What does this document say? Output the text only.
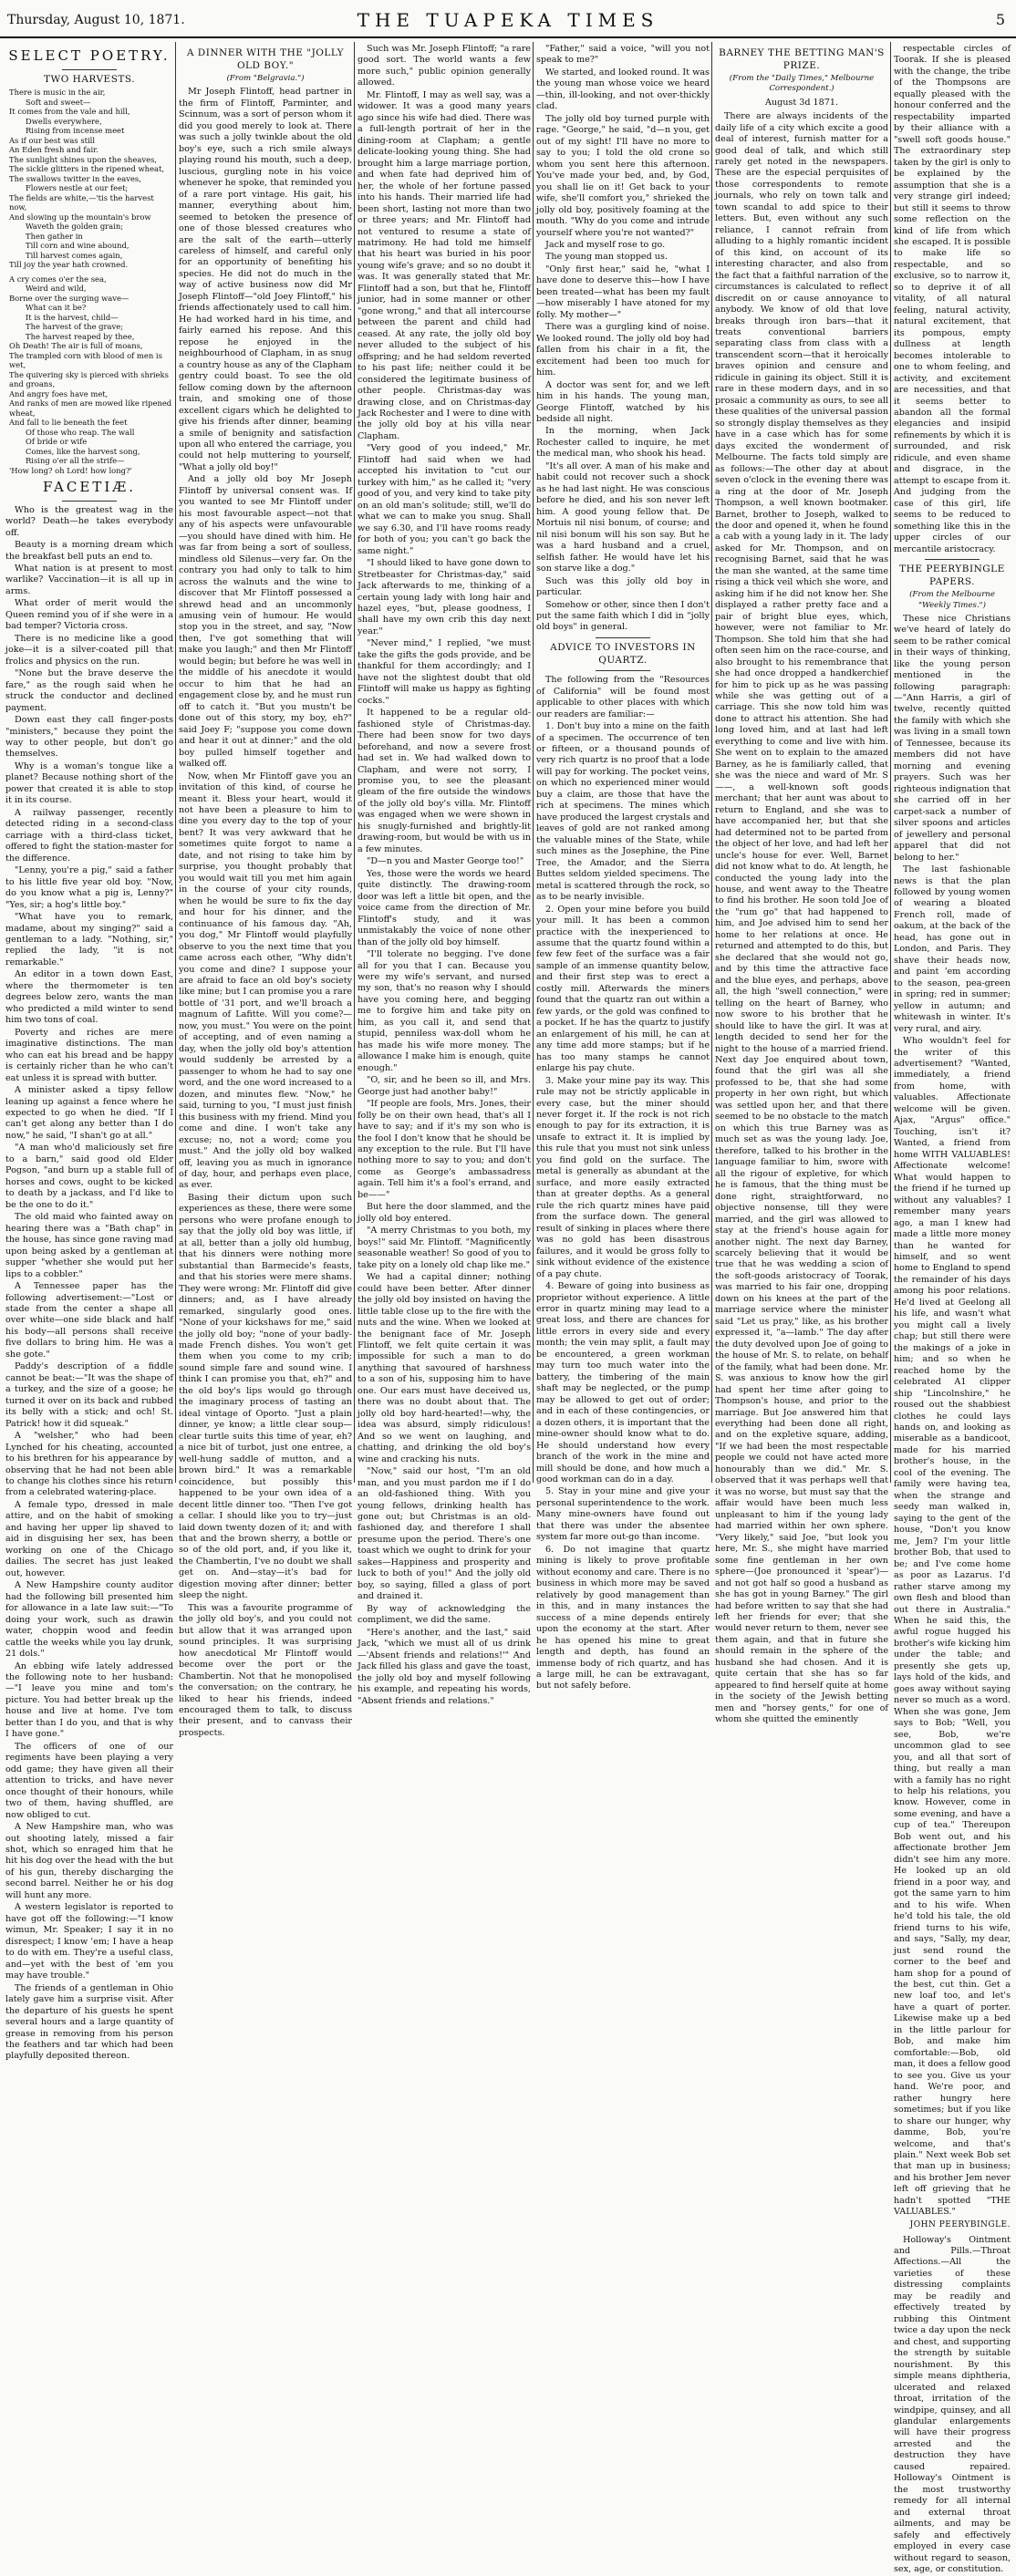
Thursday, August 10, 1871.	THE TUAPEKA TIMES	5
SELECT POETRY.
TWO HARVESTS.

There is music in the air,

Soft and sweet—

It comes from the vale and hill,

Dwells everywhere,

Rising from incense meet

As if our best was still

An Eden fresh and fair.

The sunlight shines upon the sheaves,

The sickle glitters in the ripened wheat,

The swallows twitter in the eaves,

Flowers nestle at our feet;

The fields are white,—'tis the harvest now,

And slowing up the mountain's brow

Waveth the golden grain;

Then gather in

Till corn and wine abound,

Till harvest comes again,

Till joy the year hath crowned.

A cry comes o'er the sea,

Weird and wild,

Borne over the surging wave—

What can it be?

It is the harvest, child—

The harvest of the grave;

The harvest reaped by thee,

Oh Death! The air is full of moans,

The trampled corn with blood of men is wet,

The quivering sky is pierced with shrieks and groans,

And angry foes have met,

And ranks of men are mowed like ripened wheat,

And fall to lie beneath the feet

Of those who reap. The wall

Of bride or wife

Comes, like the harvest song,

Rising o'er all the strife—

'How long? oh Lord! how long?'

FACETIÆ.

Who is the greatest wag in the world? Death—he takes everybody off.

Beauty is a morning dream which the breakfast bell puts an end to.

What nation is at present to most warlike? Vaccination—it is all up in arms.

What order of merit would the Queen remind you of if she were in a bad temper? Victoria cross.

There is no medicine like a good joke—it is a silver-coated pill that frolics and physics on the run.

"None but the brave deserve the fare," as the rough said when he struck the conductor and declined payment.

Down east they call finger-posts "ministers," because they point the way to other people, but don't go themselves.

Why is a woman's tongue like a planet? Because nothing short of the power that created it is able to stop it in its course.

A railway passenger, recently detected riding in a second-class carriage with a third-class ticket, offered to fight the station-master for the difference.

"Lenny, you're a pig," said a father to his little five year old boy. "Now, do you know what a pig is, Lenny?" "Yes, sir; a hog's little boy."

"What have you to remark, madame, about my singing?" said a gentleman to a lady. "Nothing, sir," replied the lady, "it is not remarkable."

An editor in a town down East, where the thermometer is ten degrees below zero, wants the man who predicted a mild winter to send him two tons of coal.

Poverty and riches are mere imaginative distinctions. The man who can eat his bread and be happy is certainly richer than he who can't eat unless it is spread with butter.

A minister asked a tipsy fellow leaning up against a fence where he expected to go when he died. "If I can't get along any better than I do now," he said, "I shan't go at all."

"A man who'd maliciously set fire to a barn," said good old Elder Pogson, "and burn up a stable full of horses and cows, ought to be kicked to death by a jackass, and I'd like to be the one to do it."

The old maid who fainted away on hearing there was a "Bath chap" in the house, has since gone raving mad upon being asked by a gentleman at supper "whether she would put her lips to a cobbler."

A Tennessee paper has the following advertisement:—"Lost or stade from the center a shape all over white—one side black and half his body—all persons shall receive five dollars to bring him. He was a she gote."

Paddy's description of a fiddle cannot be beat:—"It was the shape of a turkey, and the size of a goose; he turned it over on its back and rubbed its belly with a stick; and och! St. Patrick! how it did squeak."

A "welsher," who had been Lynched for his cheating, accounted to his brethren for his appearance by observing that he had not been able to change his clothes since his return from a celebrated watering-place.

A female typo, dressed in male attire, and on the habit of smoking and having her upper lip shaved to aid in disguising her sex, has been working on one of the Chicago dailies. The secret has just leaked out, however.

A New Hampshire county auditor had the following bill presented him for allowance in a late law suit:—"To doing your work, such as drawin water, choppin wood and feedin cattle the weeks while you lay drunk, 21 dols."

An ebbing wife lately addressed the following note to her husband:—"I leave you mine and tom's picture. You had better break up the house and live at home. I've tom better than I do you, and that is why I have gone."

The officers of one of our regiments have been playing a very odd game; they have given all their attention to tricks, and have never once thought of their honours, while two of them, having shuffled, are now obliged to cut.

A New Hampshire man, who was out shooting lately, missed a fair shot, which so enraged him that he hit his dog over the head with the but of his gun, thereby discharging the second barrel. Neither he or his dog will hunt any more.

A western legislator is reported to have got off the following:—"I know wimun, Mr. Speaker; I say it in no disrespect; I know 'em; I have a heap to do with em. They're a useful class, and—yet with the best of 'em you may have trouble."

The friends of a gentleman in Ohio lately gave him a surprise visit. After the departure of his guests he spent several hours and a large quantity of grease in removing from his person the feathers and tar which had been playfully deposited thereon.

A DINNER WITH THE "JOLLY OLD BOY."
(From "Belgravia.")

Mr Joseph Flintoff, head partner in the firm of Flintoff, Parminter, and Scinnum, was a sort of person whom it did you good merely to look at. There was such a jolly twinkle about the old boy's eye, such a rich smile always playing round his mouth, such a deep, luscious, gurgling note in his voice whenever he spoke, that reminded you of a rare port vintage. His gait, his manner, everything about him, seemed to betoken the presence of one of those blessed creatures who are the salt of the earth—utterly careless of himself, and careful only for an opportunity of benefiting his species. He did not do much in the way of active business now did Mr Joseph Flintoff—"old Joey Flintoff," his friends affectionately used to call him. He had worked hard in his time, and fairly earned his repose. And this repose he enjoyed in the neighbourhood of Clapham, in as snug a country house as any of the Clapham gentry could boast. To see the old fellow coming down by the afternoon train, and smoking one of those excellent cigars which he delighted to give his friends after dinner, beaming a smile of benignity and satisfaction upon all who entered the carriage, you could not help muttering to yourself, "What a jolly old boy!"

And a jolly old boy Mr Joseph Flintoff by universal consent was. If you wanted to see Mr Flintoff under his most favourable aspect—not that any of his aspects were unfavourable—you should have dined with him. He was far from being a sort of soulless, mindless old Silenus—very far. On the contrary you had only to talk to him across the walnuts and the wine to discover that Mr Flintoff possessed a shrewd head and an uncommonly amusing vein of humour. He would stop you in the street, and say, "Now then, I've got something that will make you laugh;" and then Mr Flintoff would begin; but before he was well in the middle of his anecdote it would occur to him that he had an engagement close by, and he must run off to catch it. "But you mustn't be done out of this story, my boy, eh?" said Joey F; "suppose you come down and hear it out at dinner;" and the old boy pulled himself together and walked off.

Now, when Mr Flintoff gave you an invitation of this kind, of course he meant it. Bless your heart, would it not have been a pleasure to him to dine you every day to the top of your bent? It was very awkward that he sometimes quite forgot to name a date, and not rising to take him by surprise, you thought probably that you would wait till you met him again in the course of your city rounds, when he would be sure to fix the day and hour for his dinner, and the continuance of his famous day. "Ah, you dog," Mr Flintoff would playfully observe to you the next time that you came across each other, "Why didn't you come and dine? I suppose your are afraid to face an old boy's society like mine; but I can promise you a rare bottle of '31 port, and we'll broach a magnum of Lafitte. Will you come?—now, you must." You were on the point of accepting, and of even naming a day, when the jolly old boy's attention would suddenly be arrested by a passenger to whom he had to say one word, and the one word increased to a dozen, and minutes flew. "Now," he said, turning to you, "I must just finish this business with my friend. Mind you come and dine. I won't take any excuse; no, not a word; come you must." And the jolly old boy walked off, leaving you as much in ignorance of day, hour, and perhaps even place, as ever.

Basing their dictum upon such experiences as these, there were some persons who were profane enough to say that the jolly old boy was little, if at all, better than a jolly old humbug, that his dinners were nothing more substantial than Barmecide's feasts, and that his stories were mere shams. They were wrong: Mr. Flintoff did give dinners; and, as I have already remarked, singularly good ones. "None of your kickshaws for me," said the jolly old boy; "none of your badly-made French dishes. You won't get them when you come to my crib; sound simple fare and sound wine. I think I can promise you that, eh?" and the old boy's lips would go through the imaginary process of tasting an ideal vintage of Oporto. "Just a plain dinner, ye know; a little clear soup—clear turtle suits this time of year, eh? a nice bit of turbot, just one entree, a well-hung saddle of mutton, and a brown bird." It was a remarkable coincidence, but possibly this happened to be your own idea of a decent little dinner too. "Then I've got a cellar. I should like you to try—just laid down twenty dozen of it; and with that and the brown sherry, a bottle or so of the old port, and, if you like it, the Chambertin, I've no doubt we shall get on. And—stay—it's bad for digestion moving after dinner; better sleep the night.

This was a favourite programme of the jolly old boy's, and you could not but allow that it was arranged upon sound principles. It was surprising how anecdotical Mr Flintoff would become over the port or the Chambertin. Not that he monopolised the conversation; on the contrary, he liked to hear his friends, indeed encouraged them to talk, to discuss their present, and to canvass their prospects.

Such was Mr. Joseph Flintoff; "a rare good sort. The world wants a few more such," public opinion generally allowed.

Mr. Flintoff, I may as well say, was a widower. It was a good many years ago since his wife had died. There was a full-length portrait of her in the dining-room at Clapham; a gentle delicate-looking young thing. She had brought him a large marriage portion, and when fate had deprived him of her, the whole of her fortune passed into his hands. Their married life had been short, lasting not more than two or three years; and Mr. Flintoff had not ventured to resume a state of matrimony. He had told me himself that his heart was buried in his poor young wife's grave; and so no doubt it was. It was generally stated that Mr. Flintoff had a son, but that he, Flintoff junior, had in some manner or other "gone wrong," and that all intercourse between the parent and child had ceased. At any rate, the jolly old boy never alluded to the subject of his offspring; and he had seldom reverted to his past life; neither could it be considered the legitimate business of other people. Christmas-day was drawing close, and on Christmas-day Jack Rochester and I were to dine with the jolly old boy at his villa near Clapham.

"Very good of you indeed," Mr. Flintoff had said when we had accepted his invitation to "cut our turkey with him," as he called it; "very good of you, and very kind to take pity on an old man's solitude; still, we'll do what we can to make you snug. Shall we say 6.30, and I'll have rooms ready for both of you; you can't go back the same night."

"I should liked to have gone down to Stretbeaster for Christmas-day," said Jack afterwards to me, thinking of a certain young lady with long hair and hazel eyes, "but, please goodness, I shall have my own crib this day next year."

"Never mind," I replied, "we must take the gifts the gods provide, and be thankful for them accordingly; and I have not the slightest doubt that old Flintoff will make us happy as fighting cocks."

It happened to be a regular old-fashioned style of Christmas-day. There had been snow for two days beforehand, and now a severe frost had set in. We had walked down to Clapham, and were not sorry, I promise you, to see the pleasant gleam of the fire outside the windows of the jolly old boy's villa. Mr. Flintoff was engaged when we were shown in his snugly-furnished and brightly-lit drawing-room, but would be with us in a few minutes.

"D—n you and Master George too!"

Yes, those were the words we heard quite distinctly. The drawing-room door was left a little bit open, and the voice came from the direction of Mr. Flintoff's study, and it was unmistakably the voice of none other than of the jolly old boy himself.

"I'll tolerate no begging. I've done all for you that I can. Because you were my wife's servant, and nursed my son, that's no reason why I should have you coming here, and begging me to forgive him and take pity on him, as you call it, and send that stupid, penniless wax-doll whom he has made his wife more money. The allowance I make him is enough, quite enough."

"O, sir, and he been so ill, and Mrs. George just had another baby!"

"If people are fools, Mrs. Jones, their folly be on their own head, that's all I have to say; and if it's my son who is the fool I don't know that he should be any exception to the rule. But I'll have nothing more to say to you; and don't come as George's ambassadress again. Tell him it's a fool's errand, and be——"

But here the door slammed, and the jolly old boy entered.

"A merry Christmas to you both, my boys!" said Mr. Flintoff. "Magnificently seasonable weather! So good of you to take pity on a lonely old chap like me."

We had a capital dinner; nothing could have been better. After dinner the jolly old boy insisted on having the little table close up to the fire with the nuts and the wine. When we looked at the benignant face of Mr. Joseph Flintoff, we felt quite certain it was impossible for such a man to do anything that savoured of harshness to a son of his, supposing him to have one. Our ears must have deceived us, there was no doubt about that. The jolly old boy hard-hearted!—why, the idea was absurd, simply ridiculous! And so we went on laughing, and chatting, and drinking the old boy's wine and cracking his nuts.

"Now," said our host, "I'm an old man, and you must pardon me if I do an old-fashioned thing. With you young fellows, drinking health has gone out; but Christmas is an old-fashioned day, and therefore I shall presume upon the period. There's one toast which we ought to drink for your sakes—Happiness and prosperity and luck to both of you!" And the jolly old boy, so saying, filled a glass of port and drained it.

By way of acknowledging the compliment, we did the same.

"Here's another, and the last," said Jack, "which we must all of us drink—'Absent friends and relations!'" And Jack filled his glass and gave the toast, the jolly old boy and myself following his example, and repeating his words, "Absent friends and relations."

"Father," said a voice, "will you not speak to me?"

We started, and looked round. It was the young man whose voice we heard—thin, ill-looking, and not over-thickly clad.

The jolly old boy turned purple with rage. "George," he said, "d—n you, get out of my sight! I'll have no more to say to you; I told the old crone so whom you sent here this afternoon. You've made your bed, and, by God, you shall lie on it! Get back to your wife, she'll comfort you," shrieked the jolly old boy, positively foaming at the mouth. "Why do you come and intrude yourself where you're not wanted?"

Jack and myself rose to go.

The young man stopped us.

"Only first hear," said he, "what I have done to deserve this—how I have been treated—what has been my fault—how miserably I have atoned for my folly. My mother—"

There was a gurgling kind of noise. We looked round. The jolly old boy had fallen from his chair in a fit, the excitement had been too much for him.

A doctor was sent for, and we left him in his hands. The young man, George Flintoff, watched by his bedside all night.

In the morning, when Jack Rochester called to inquire, he met the medical man, who shook his head.

"It's all over. A man of his make and habit could not recover such a shock as he had last night. He was conscious before he died, and his son never left him. A good young fellow that. De Mortuis nil nisi bonum, of course; and nil nisi bonum will his son say. But he was a hard husband and a cruel, selfish father. He would have let his son starve like a dog."

Such was this jolly old boy in particular.

Somehow or other, since then I don't put the same faith which I did in "jolly old boys" in general.

ADVICE TO INVESTORS IN QUARTZ.

The following from the "Resources of California" will be found most applicable to other places with which our readers are familiar:—

1. Don't buy into a mine on the faith of a specimen. The occurrence of ten or fifteen, or a thousand pounds of very rich quartz is no proof that a lode will pay for working. The pocket veins, on which no experienced miner would buy a claim, are those that have the rich at specimens. The mines which have produced the largest crystals and leaves of gold are not ranked among the valuable mines of the State, while such mines as the Josephine, the Pine Tree, the Amador, and the Sierra Buttes seldom yielded specimens. The metal is scattered through the rock, so as to be nearly invisible.

2. Open your mine before you build your mill. It has been a common practice with the inexperienced to assume that the quartz found within a few few feet of the surface was a fair sample of an immense quantity below, and their first step was to erect a costly mill. Afterwards the miners found that the quartz ran out within a few yards, or the gold was confined to a pocket. If he has the quartz to justify an enlargement of his mill, he can at any time add more stamps; but if he has too many stamps he cannot enlarge his pay chute.

3. Make your mine pay its way. This rule may not be strictly applicable in every case, but the miner should never forget it. If the rock is not rich enough to pay for its extraction, it is unsafe to extract it. It is implied by this rule that you must not sink unless you find gold on the surface. The metal is generally as abundant at the surface, and more easily extracted than at greater depths. As a general rule the rich quartz mines have paid from the surface down. The general result of sinking in places where there was no gold has been disastrous failures, and it would be gross folly to sink without evidence of the existence of a pay chute.

4. Beware of going into business as proprietor without experience. A little error in quartz mining may lead to a great loss, and there are chances for little errors in every side and every month; the vein may split, a fault may be encountered, a green workman may turn too much water into the battery, the timbering of the main shaft may be neglected, or the pump may be allowed to get out of order; and in each of these contingencies, or a dozen others, it is important that the mine-owner should know what to do. He should understand how every branch of the work in the mine and mill should be done, and how much a good workman can do in a day.

5. Stay in your mine and give your personal superintendence to the work. Many mine-owners have found out that there was under the absentee system far more out-go than income.

6. Do not imagine that quartz mining is likely to prove profitable without economy and care. There is no business in which more may be saved relatively by good management than in this, and in many instances the success of a mine depends entirely upon the economy at the start. After he has opened his mine to great length and depth, has found an immense body of rich quartz, and has a large mill, he can be extravagant, but not safely before.

BARNEY THE BETTING MAN'S PRIZE.
(From the "Daily Times," Melbourne Correspondent.)
August 3d 1871.

There are always incidents of the daily life of a city which excite a good deal of interest, furnish matter for a good deal of talk, and which still rarely get noted in the newspapers. These are the especial perquisites of those correspondents to remote journals, who rely on town talk and town scandal to add spice to their letters. But, even without any such reliance, I cannot refrain from alluding to a highly romantic incident of this kind, on account of its interesting character, and also from the fact that a faithful narration of the circumstances is calculated to reflect discredit on or cause annoyance to anybody. We know of old that love breaks through iron bars—that it treats conventional barriers separating class from class with a transcendent scorn—that it heroically braves opinion and censure and ridicule in gaining its object. Still it is rare in these modern days, and in so prosaic a community as ours, to see all these qualities of the universal passion so strongly display themselves as they have in a case which has for some days excited the wonderment of Melbourne. The facts told simply are as follows:—The other day at about seven o'clock in the evening there was a ring at the door of Mr. Joseph Thompson, a well known bootmaker. Barnet, brother to Joseph, walked to the door and opened it, when he found a cab with a young lady in it. The lady asked for Mr. Thompson, and on recognising Barnet, said that he was the man she wanted, at the same time rising a thick veil which she wore, and asking him if he did not know her. She displayed a rather pretty face and a pair of bright blue eyes, which, however, were not familiar to Mr. Thompson. She told him that she had often seen him on the race-course, and also brought to his remembrance that she had once dropped a handkerchief for him to pick up as he was passing while she was getting out of a carriage. This she now told him was done to attract his attention. She had long loved him, and at last had left everything to come and live with him. She went on to explain to the amazed Barney, as he is familiarly called, that she was the niece and ward of Mr. S——, a well-known soft goods merchant; that her aunt was about to return to England, and she was to have accompanied her, but that she had determined not to be parted from the object of her love, and had left her uncle's house for ever. Well, Barnet did not know what to do. At length, he conducted the young lady into the house, and went away to the Theatre to find his brother. He soon told Joe of the "rum go" that had happened to him, and Joe advised him to send her home to her relations at once. He returned and attempted to do this, but she declared that she would not go, and by this time the attractive face and the blue eyes, and perhaps, above all, the high "swell connection," were telling on the heart of Barney, who now swore to his brother that he should like to have the girl. It was at length decided to send her for the night to the house of a married friend. Next day Joe enquired about town, found that the girl was all she professed to be, that she had some property in her own right, but which was settled upon her, and that there seemed to be no obstacle to the match on which this true Barney was as much set as was the young lady. Joe, therefore, talked to his brother in the language familiar to him, swore with all the rigour of expletive, for which he is famous, that the thing must be done right, straightforward, no objective nonsense, till they were married, and the girl was allowed to stay at the friend's house again for another night. The next day Barney, scarcely believing that it would be true that he was wedding a scion of the soft-goods aristocracy of Toorak, was married to his fair one, dropping down on his knees at the part of the marriage service where the minister said "Let us pray," like, as his brother expressed it, "a—lamb." The day after the duty devolved upon Joe of going to the house of Mr. S. to relate, on behalf of the family, what had been done. Mr. S. was anxious to know how the girl had spent her time after going to Thompson's house, and prior to the marriage. But Joe answered him that everything had been done all right, and on the expletive square, adding, "If we had been the most respectable people we could not have acted more honourably than we did." Mr. S. observed that it was perhaps well that it was no worse, but must say that the affair would have been much less unpleasant to him if the young lady had married within her own sphere. "Very likely," said Joe, "but look you here, Mr. S., she might have married some fine gentleman in her own sphere—(Joe pronounced it 'spear')—and not got half so good a husband as she has got in young Barney." The girl had before written to say that she had left her friends for ever; that she would never return to them, never see them again, and that in future she should remain in the sphere of the husband she had chosen. And it is quite certain that she has so far appeared to find herself quite at home in the society of the Jewish betting men and "horsey gents," for one of whom she quitted the eminently

respectable circles of Toorak. If she is pleased with the change, the tribe of the Thompsons are equally pleased with the honour conferred and the respectability imparted by their alliance with a "swell soft goods house." The extraordinary step taken by the girl is only to be explained by the assumption that she is a very strange girl indeed; but still it seems to throw some reflection on the kind of life from which she escaped. It is possible to make life so respectable, and so exclusive, so to narrow it, so to deprive it of all vitality, of all natural feeling, natural activity, natural excitement, that its pompous, empty dullness at length becomes intolerable to one to whom feeling, and activity, and excitement are necessities, and that it seems better to abandon all the formal elegancies and insipid refinements by which it is surrounded, and risk ridicule, and even shame and disgrace, in the attempt to escape from it. And judging from the case of this girl, life seems to be reduced to something like this in the upper circles of our mercantile aristocracy.

THE PEERYBINGLE PAPERS.
(From the Melbourne "Weekly Times.")

These nice Christians we've heard of lately do seem to be rather comical in their ways of thinking, like the young person mentioned in the following paragraph:—"Ann Harris, a girl of twelve, recently quitted the family with which she was living in a small town of Tennessee, because its members did not have morning and evening prayers. Such was her righteous indignation that she carried off in her carpet-sack a number of silver spoons and articles of jewellery and personal apparel that did not belong to her."

The last fashionable news is that the plan followed by young women of wearing a bloated French roll, made of oakum, at the back of the head, has gone out in London, and Paris. They shave their heads now, and paint 'em according to the season, pea-green in spring; red in summer; yellow in autumn; and whitewash in winter. It's very rural, and airy.

Who wouldn't feel for the writer of this advertisement? "Wanted, immediately, a friend from home, with valuables. Affectionate welcome will be given. Ajax, "Argus" office." Touching, isn't it? Wanted, a friend from home WITH VALUABLES! Affectionate welcome! What would happen to the friend if he turned up without any valuables? I remember many years ago, a man I knew had made a little more money than he wanted for himself, and so went home to England to spend the remainder of his days among his poor relations. He'd lived at Geelong all his life, and wasn't what you might call a lively chap; but still there were the makings of a joke in him; and so when he reached home by the celebrated A1 clipper ship "Lincolnshire," he roused out the shabbiest clothes he could lays hands on, and looking as miserable as a bandicoot, made for his married brother's house, in the cool of the evening. The family were having tea, when the strange and seedy man walked in, saying to the gent of the house, "Don't you know me, Jem? I'm your little brother Bob, that used to be; and I've come home as poor as Lazarus. I'd rather starve among my own flesh and blood than out there in Australia." When he said this, the awful rogue hugged his brother's wife kicking him under the table; and presently she gets up, lays hold of the kids, and goes away without saying never so much as a word. When she was gone, Jem says to Bob; "Well, you see, Bob, we're uncommon glad to see you, and all that sort of thing, but really a man with a family has no right to help his relations, you know. However, come in some evening, and have a cup of tea." Thereupon Bob went out, and his affectionate brother Jem didn't see him any more. He looked up an old friend in a poor way, and got the same yarn to him and to his wife. When he'd told his tale, the old friend turns to his wife, and says, "Sally, my dear, just send round the corner to the beef and ham shop for a pound of the best, cut thin. Get a new loaf too, and let's have a quart of porter. Likewise make up a bed in the little parlour for Bob, and make him comfortable:—Bob, old man, it does a fellow good to see you. Give us your hand. We're poor, and rather hungry here sometimes; but if you like to share our hunger, why damme, Bob, you're welcome, and that's plain." Next week Bob set that man up in business; and his brother Jem never left off grieving that he hadn't spotted "THE VALUABLES."

JOHN PEERYBINGLE.

Holloway's Ointment and Pills.—Throat Affections.—All the varieties of these distressing complaints may be readily and effectively treated by rubbing this Ointment twice a day upon the neck and chest, and supporting the strength by suitable nourishment. By this simple means diphtheria, ulcerated and relaxed throat, irritation of the windpipe, quinsey, and all glandular enlargements will have their progress arrested and the destruction they have caused repaired. Holloway's Ointment is the most trustworthy remedy for all internal and external throat ailments, and may be safely and effectively employed in every case without regard to season, sex, age, or constitution.
